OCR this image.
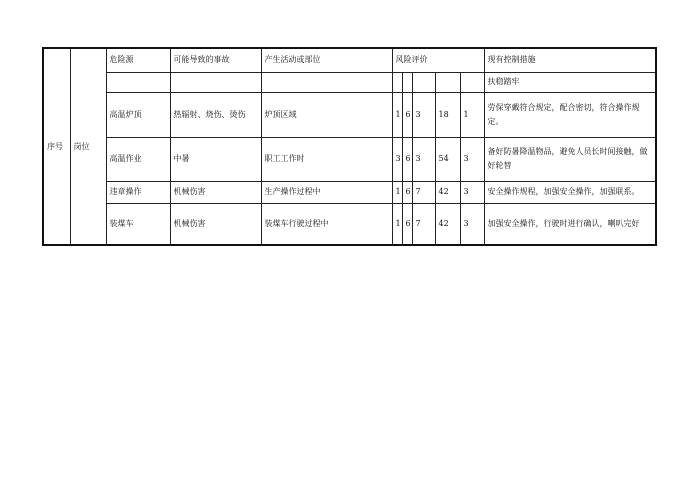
序号	岗位	危险源	可能导致的事故	产生活动或部位	风险评价					现有控制措施
										扶稳踏牢
		高温炉顶	热辐射、烧伤、烫伤	炉顶区域	1	6	3	18	1	劳保穿戴符合规定，配合密切，符合操作规定。
		高温作业	中暑	职工工作时	3	6	3	54	3	备好防暑降温物品，避免人员长时间接触，做好轮替
		违章操作	机械伤害	生产操作过程中	1	6	7	42	3	安全操作规程，加强安全操作，加强联系。
		装煤车	机械伤害	装煤车行驶过程中	1	6	7	42	3	加强安全操作，行驶时进行确认，喇叭完好
